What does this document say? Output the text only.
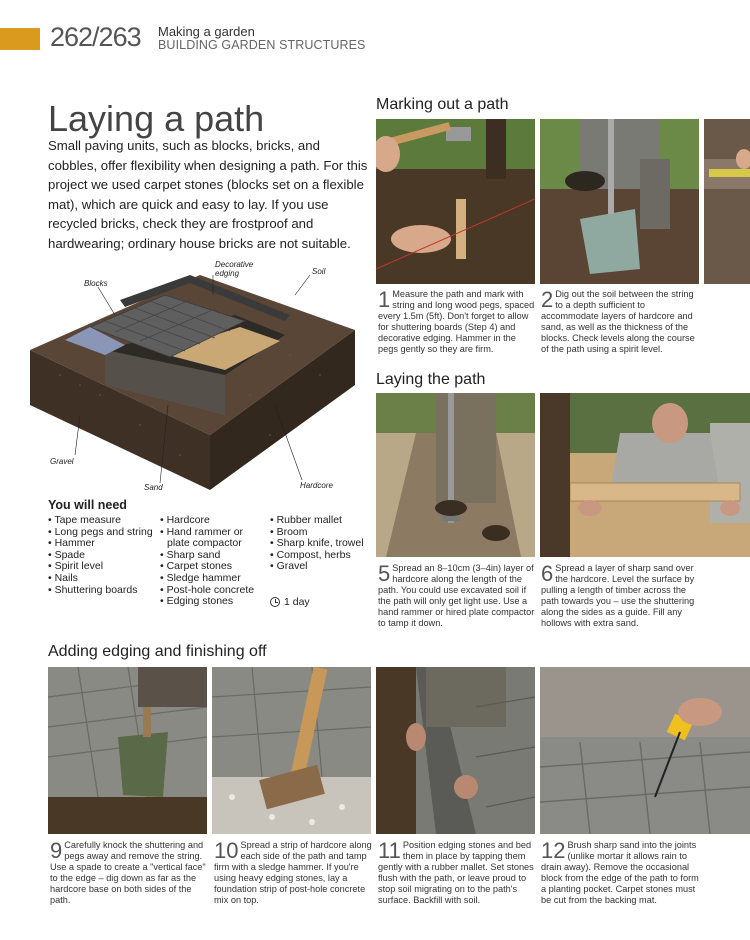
262/263 Making a garden
BUILDING GARDEN STRUCTURES
Laying a path
Small paving units, such as blocks, bricks, and cobbles, offer flexibility when designing a path. For this project we used carpet stones (blocks set on a flexible mat), which are quick and easy to lay. If you use recycled bricks, check they are frostproof and hardwearing; ordinary house bricks are not suitable.
Decorative edging	Soil
Blocks
Gravel
Sand	Hardcore
You will need
• Tape measure
• Long pegs and string
• Hammer
• Spade
• Spirit level
• Nails
• Shuttering boards
• Hardcore
• Hand rammer or plate compactor
• Sharp sand
• Carpet stones
• Sledge hammer
• Post-hole concrete
• Edging stones
• Rubber mallet
• Broom
• Sharp knife, trowel
• Compost, herbs
• Gravel
1 day
Marking out a path
Laying the path
Adding edging and finishing off
1 Measure the path and mark with string and long wood pegs, spaced every 1.5m (5ft). Don't forget to allow for shuttering boards (Step 4) and decorative edging. Hammer in the pegs gently so they are firm.
2 Dig out the soil between the string to a depth sufficient to accommodate layers of hardcore and sand, as well as the thickness of the blocks. Check levels along the course of the path using a spirit level.
5 Spread an 8–10cm (3–4in) layer of hardcore along the length of the path. You could use excavated soil if the path will only get light use. Use a hand rammer or hired plate compactor to tamp it down.
6 Spread a layer of sharp sand over the hardcore. Level the surface by pulling a length of timber across the path towards you – use the shuttering along the sides as a guide. Fill any hollows with extra sand.
9 Carefully knock the shuttering and pegs away and remove the string. Use a spade to create a "vertical face" to the edge – dig down as far as the hardcore base on both sides of the path.
10 Spread a strip of hardcore along each side of the path and tamp firm with a sledge hammer. If you're using heavy edging stones, lay a foundation strip of post-hole concrete mix on top.
11 Position edging stones and bed them in place by tapping them gently with a rubber mallet. Set stones flush with the path, or leave proud to stop soil migrating on to the path's surface. Backfill with soil.
12 Brush sharp sand into the joints (unlike mortar it allows rain to drain away). Remove the occasional block from the edge of the path to form a planting pocket. Carpet stones must be cut from the backing mat.
